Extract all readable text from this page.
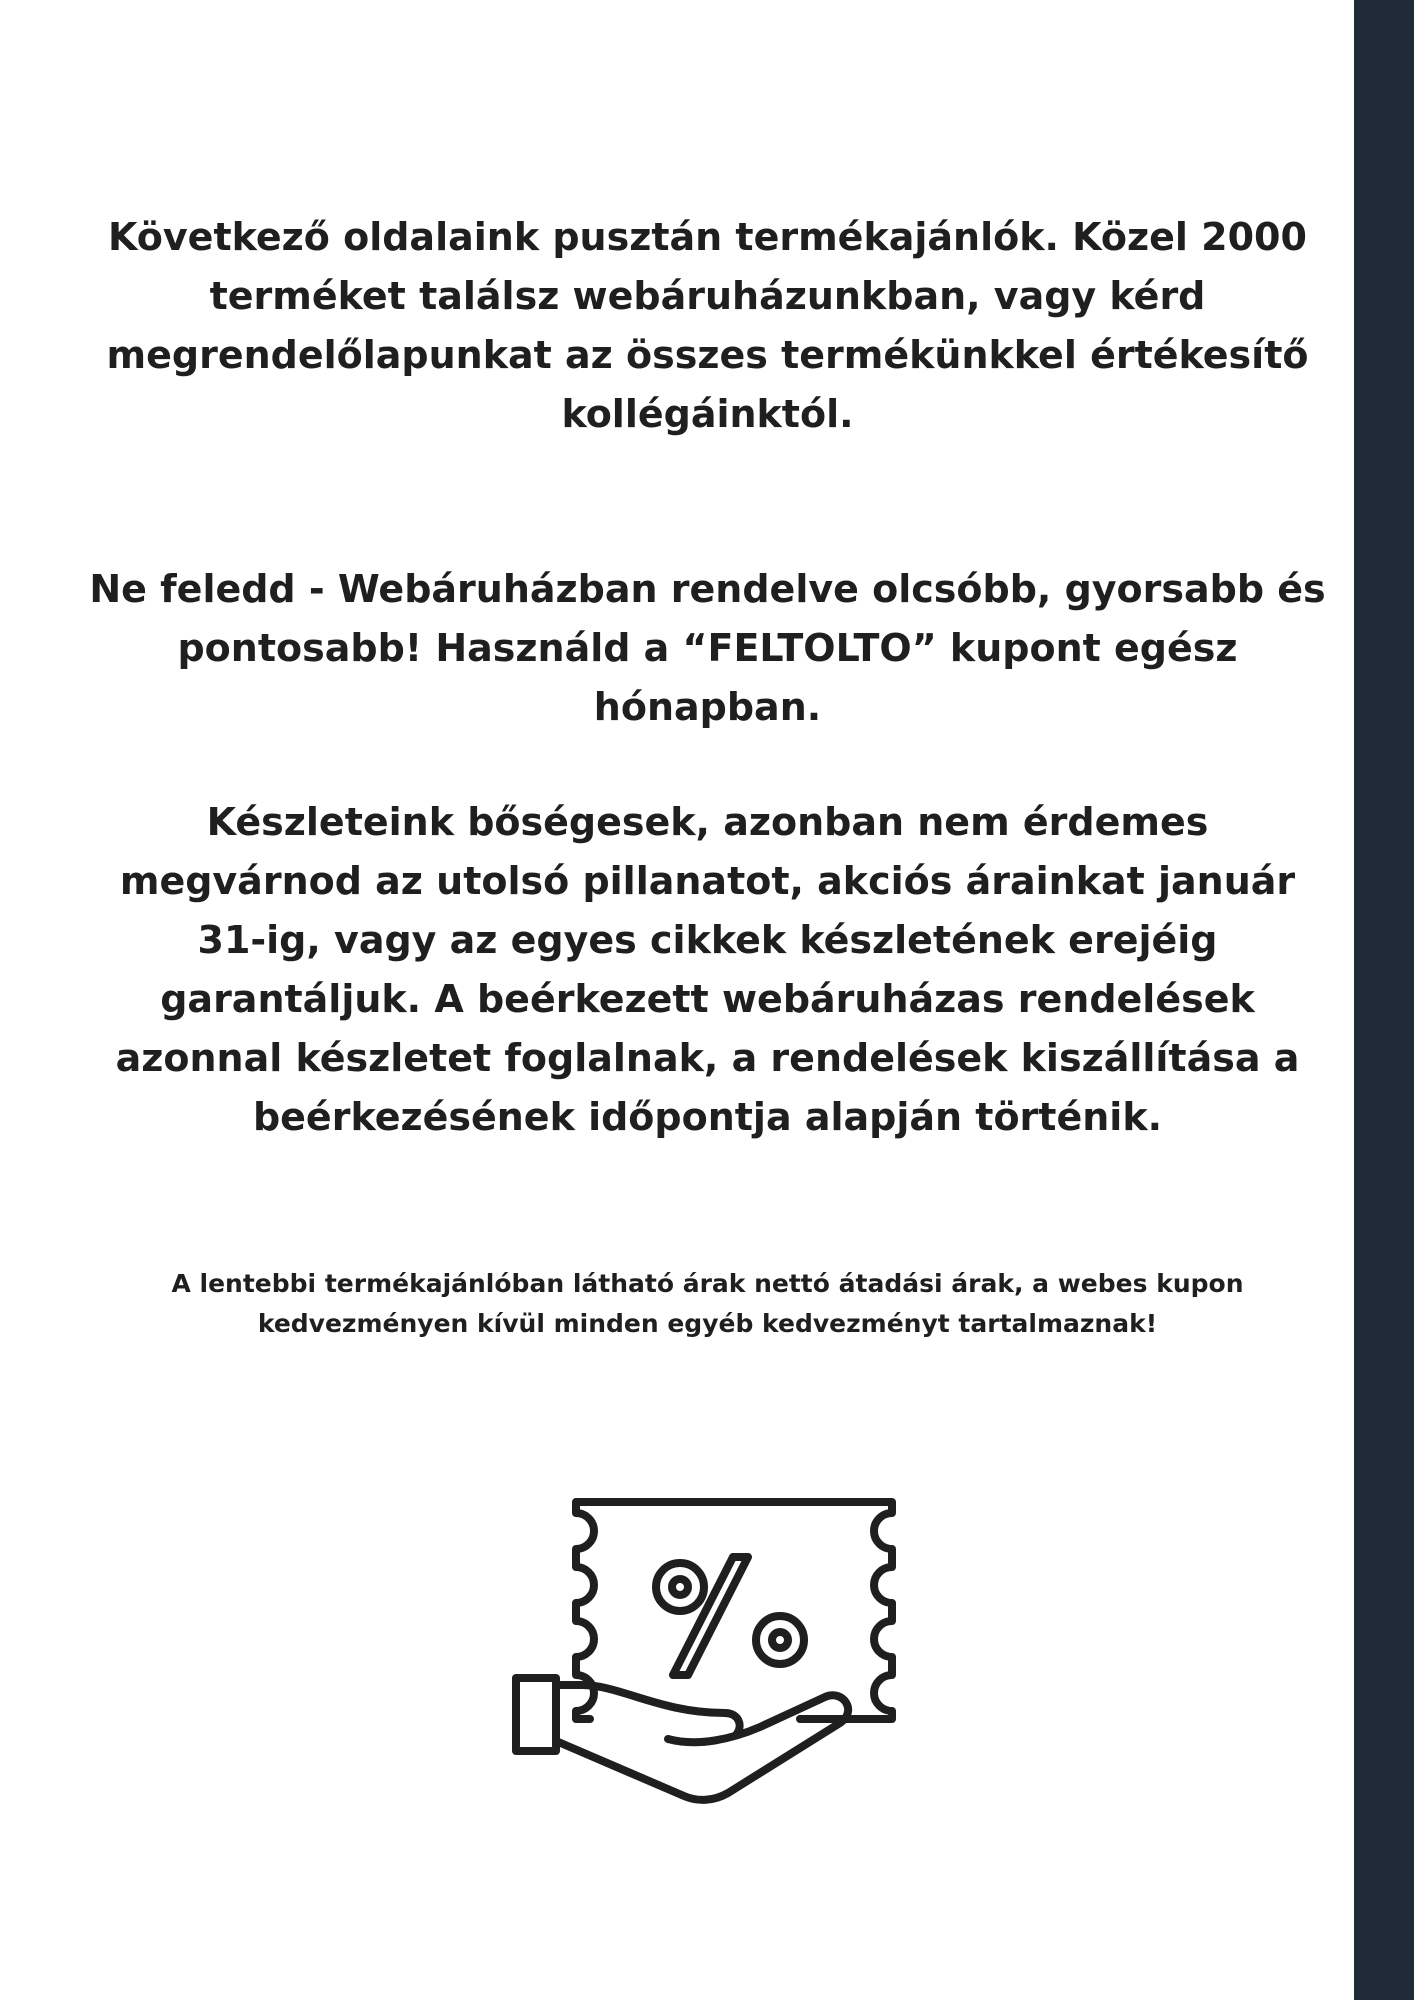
Következő oldalaink pusztán termékajánlók. Közel 2000 terméket találsz webáruházunkban, vagy kérd megrendelőlapunkat az összes termékünkkel értékesítő kollégáinktól.

Ne feledd - Webáruházban rendelve olcsóbb, gyorsabb és pontosabb! Használd a “FELTOLTO” kupont egész hónapban.

Készleteink bőségesek, azonban nem érdemes megvárnod az utolsó pillanatot, akciós árainkat január 31-ig, vagy az egyes cikkek készletének erejéig garantáljuk. A beérkezett webáruházas rendelések azonnal készletet foglalnak, a rendelések kiszállítása a beérkezésének időpontja alapján történik.

A lentebbi termékajánlóban látható árak nettó átadási árak, a webes kupon kedvezményen kívül minden egyéb kedvezményt tartalmaznak!
